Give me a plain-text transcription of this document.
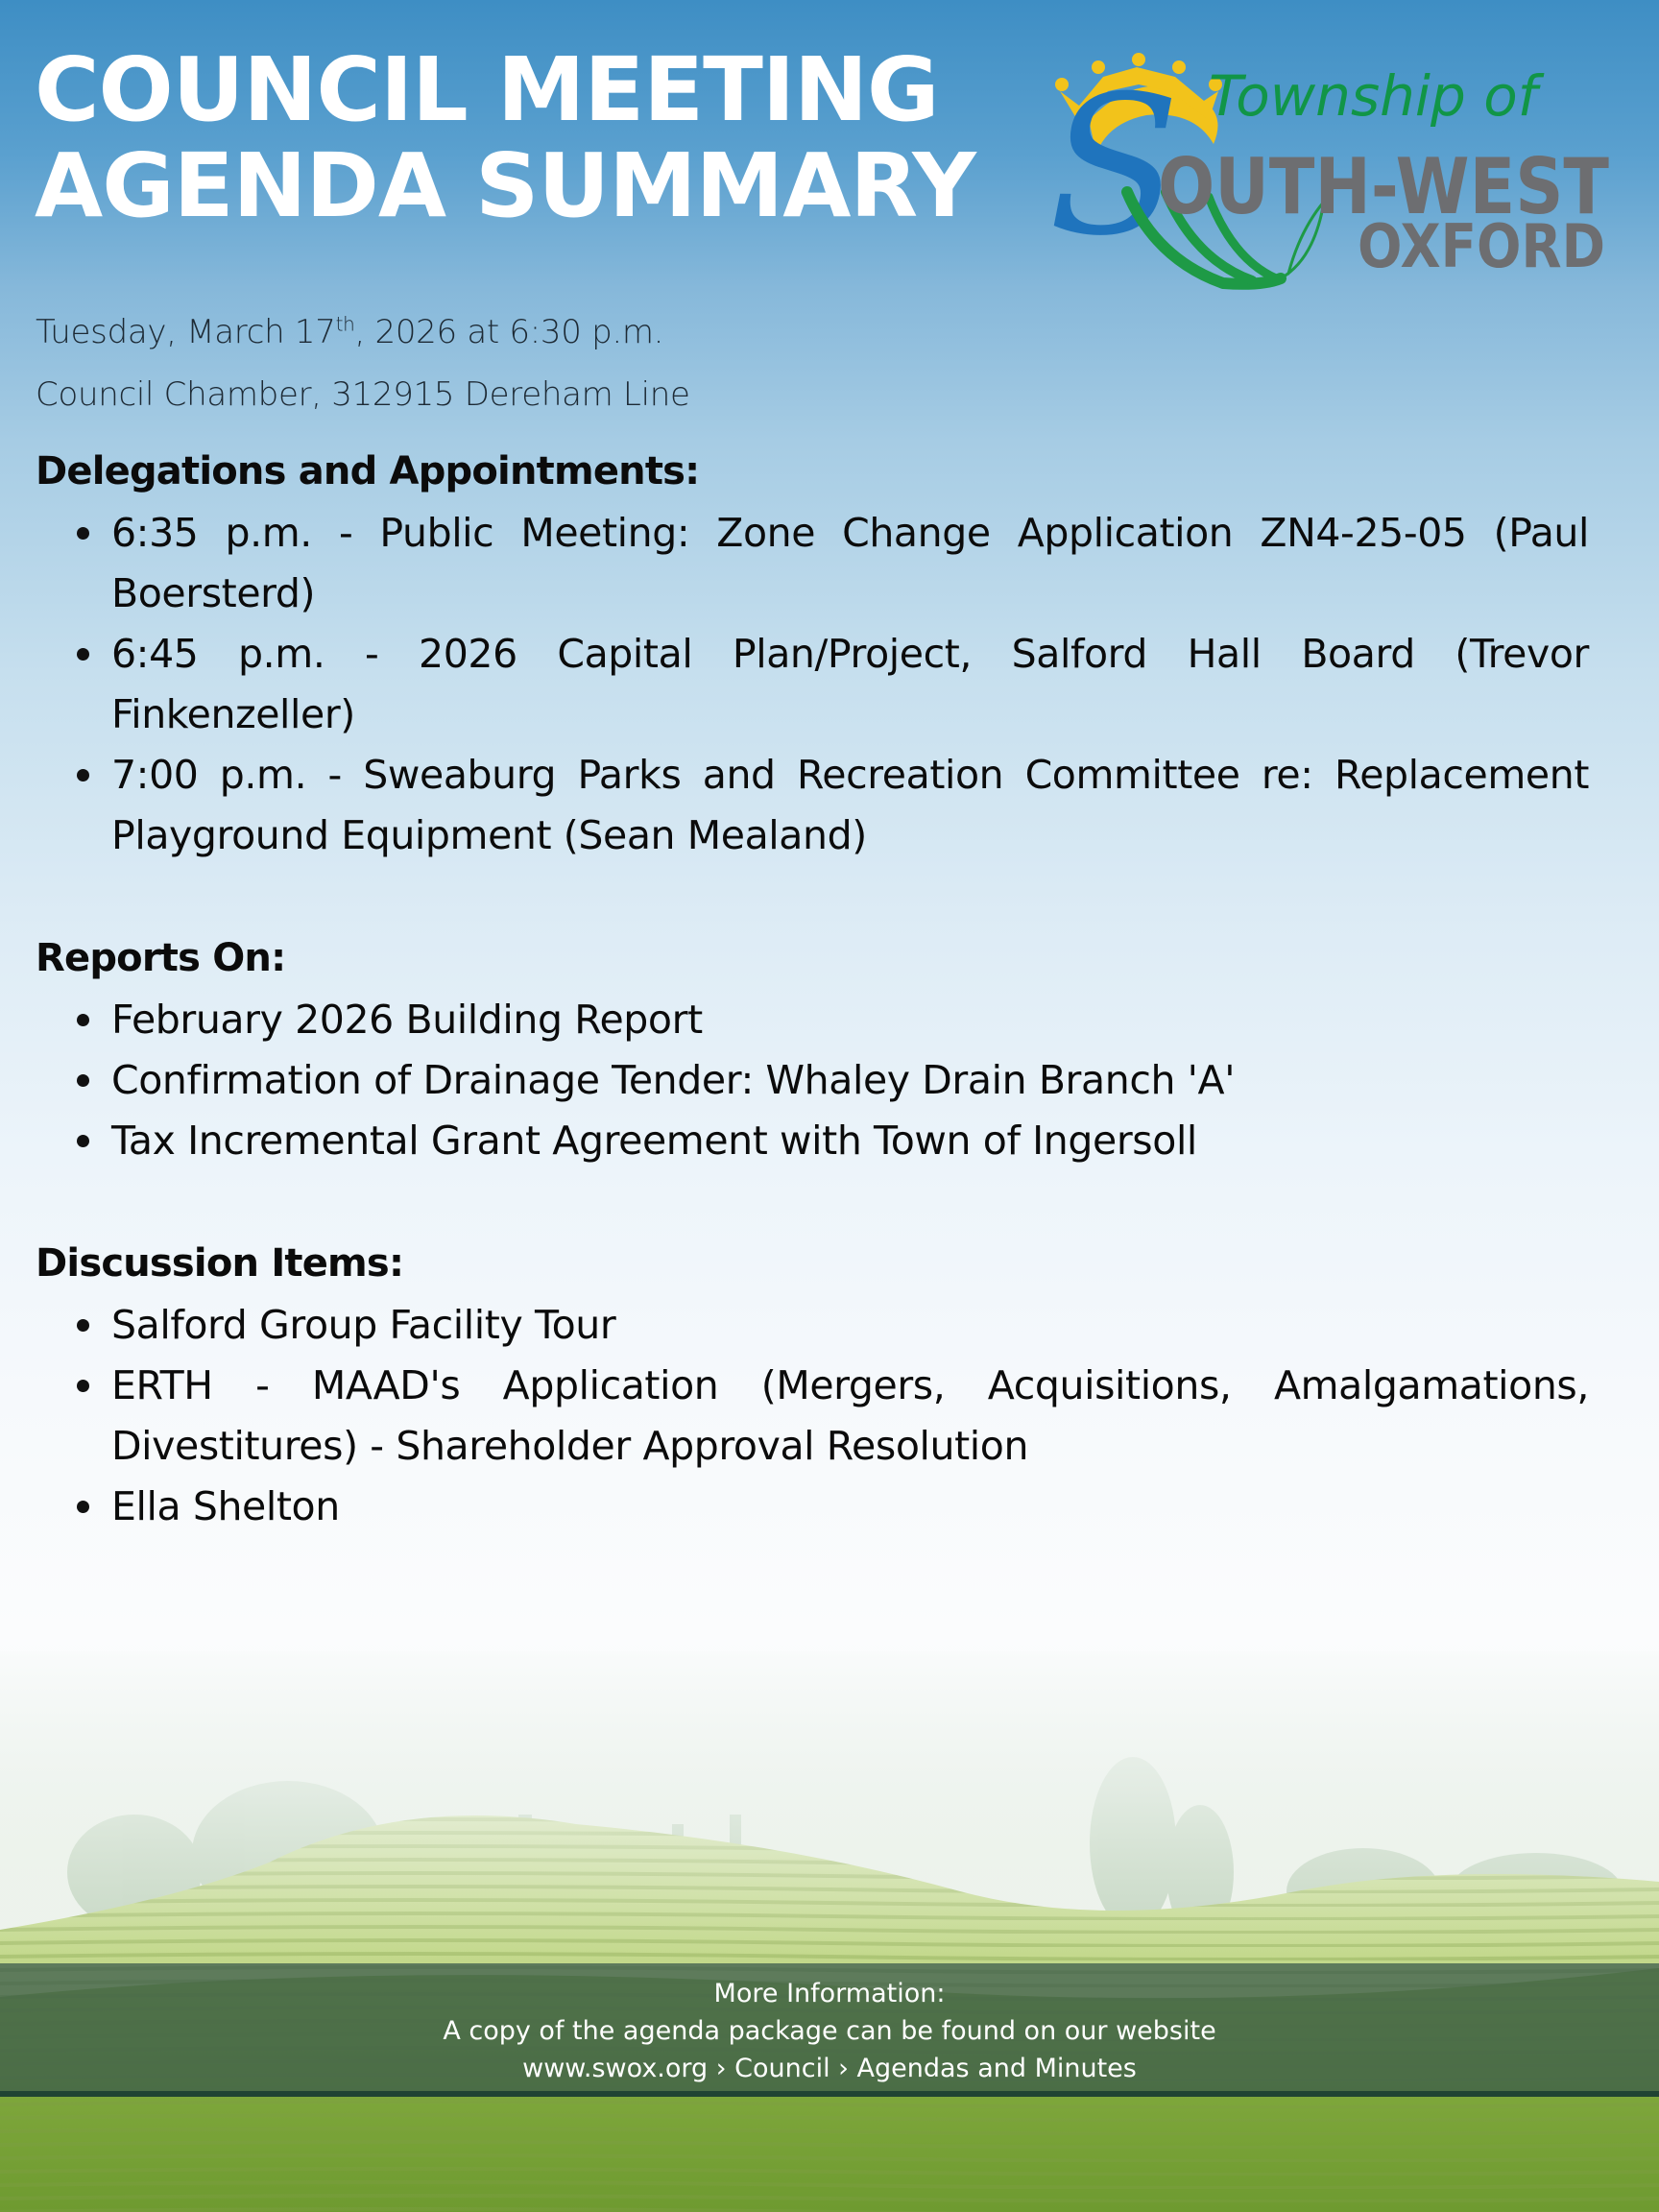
COUNCIL MEETING
AGENDA SUMMARY S Township of
OUTH-WEST
OXFORD
Tuesday, March 17th, 2026 at 6:30 p.m.
Council Chamber, 312915 Dereham Line
Delegations and Appointments:
6:35 p.m. - Public Meeting: Zone Change Application ZN4-25-05 (Paul Boersterd)
6:45 p.m. - 2026 Capital Plan/Project, Salford Hall Board (Trevor Finkenzeller)
7:00 p.m. - Sweaburg Parks and Recreation Committee re: Replacement Playground Equipment (Sean Mealand)
Reports On:
February 2026 Building Report
Confirmation of Drainage Tender: Whaley Drain Branch 'A'
Tax Incremental Grant Agreement with Town of Ingersoll
Discussion Items:
Salford Group Facility Tour
ERTH - MAAD's Application (Mergers, Acquisitions, Amalgamations, Divestitures) - Shareholder Approval Resolution
Ella Shelton
More Information:
A copy of the agenda package can be found on our website
www.swox.org › Council › Agendas and Minutes
